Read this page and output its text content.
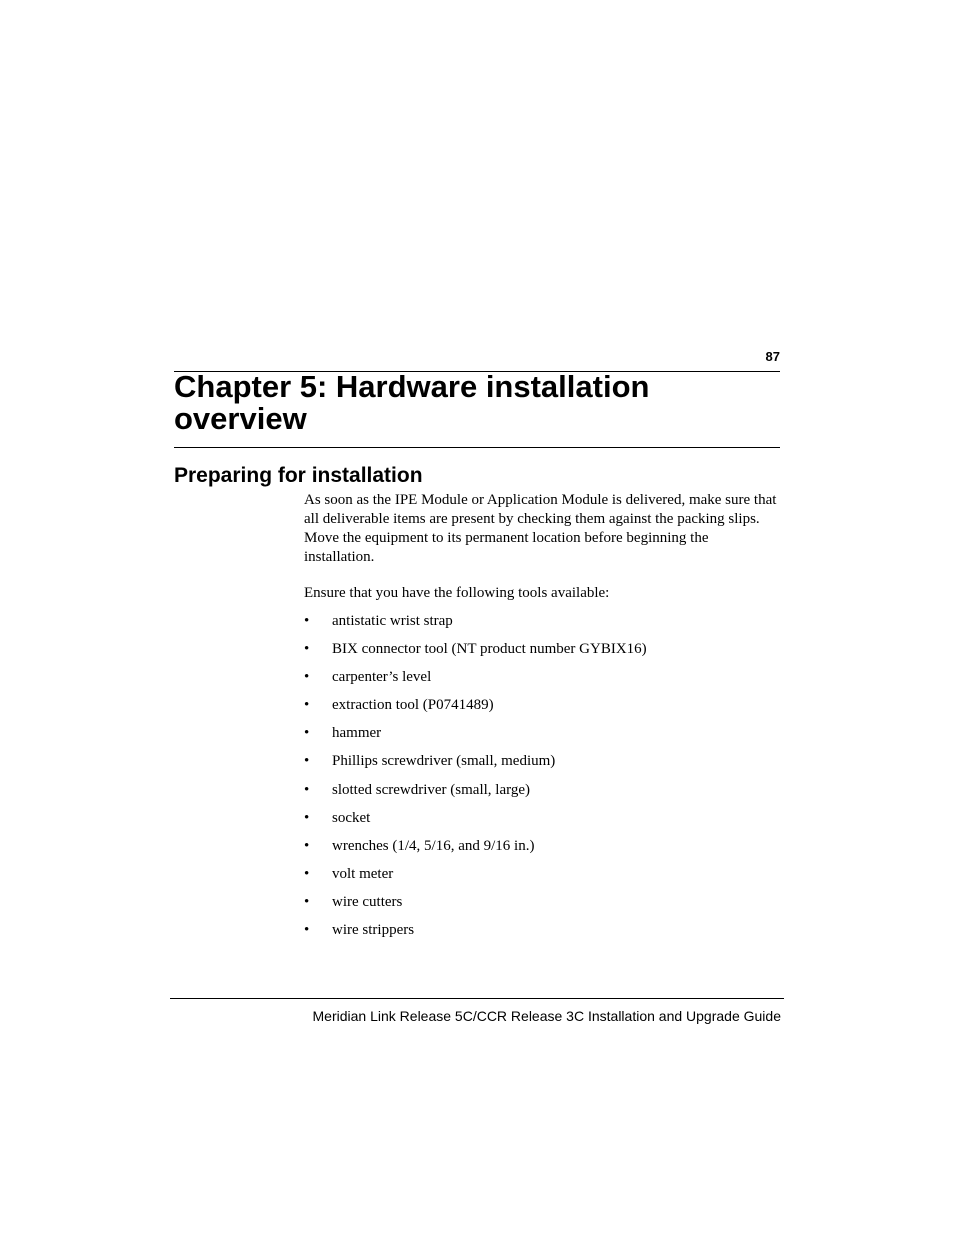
87
Chapter 5: Hardware installation
overview
Preparing for installation

As soon as the IPE Module or Application Module is delivered, make sure that all deliverable items are present by checking them against the packing slips. Move the equipment to its permanent location before beginning the installation.

Ensure that you have the following tools available:

• antistatic wrist strap
• BIX connector tool (NT product number GYBIX16)
• carpenter’s level
• extraction tool (P0741489)
• hammer
• Phillips screwdriver (small, medium)
• slotted screwdriver (small, large)
• socket
• wrenches (1/4, 5/16, and 9/16 in.)
• volt meter
• wire cutters
• wire strippers
Meridian Link Release 5C/CCR Release 3C Installation and Upgrade Guide
